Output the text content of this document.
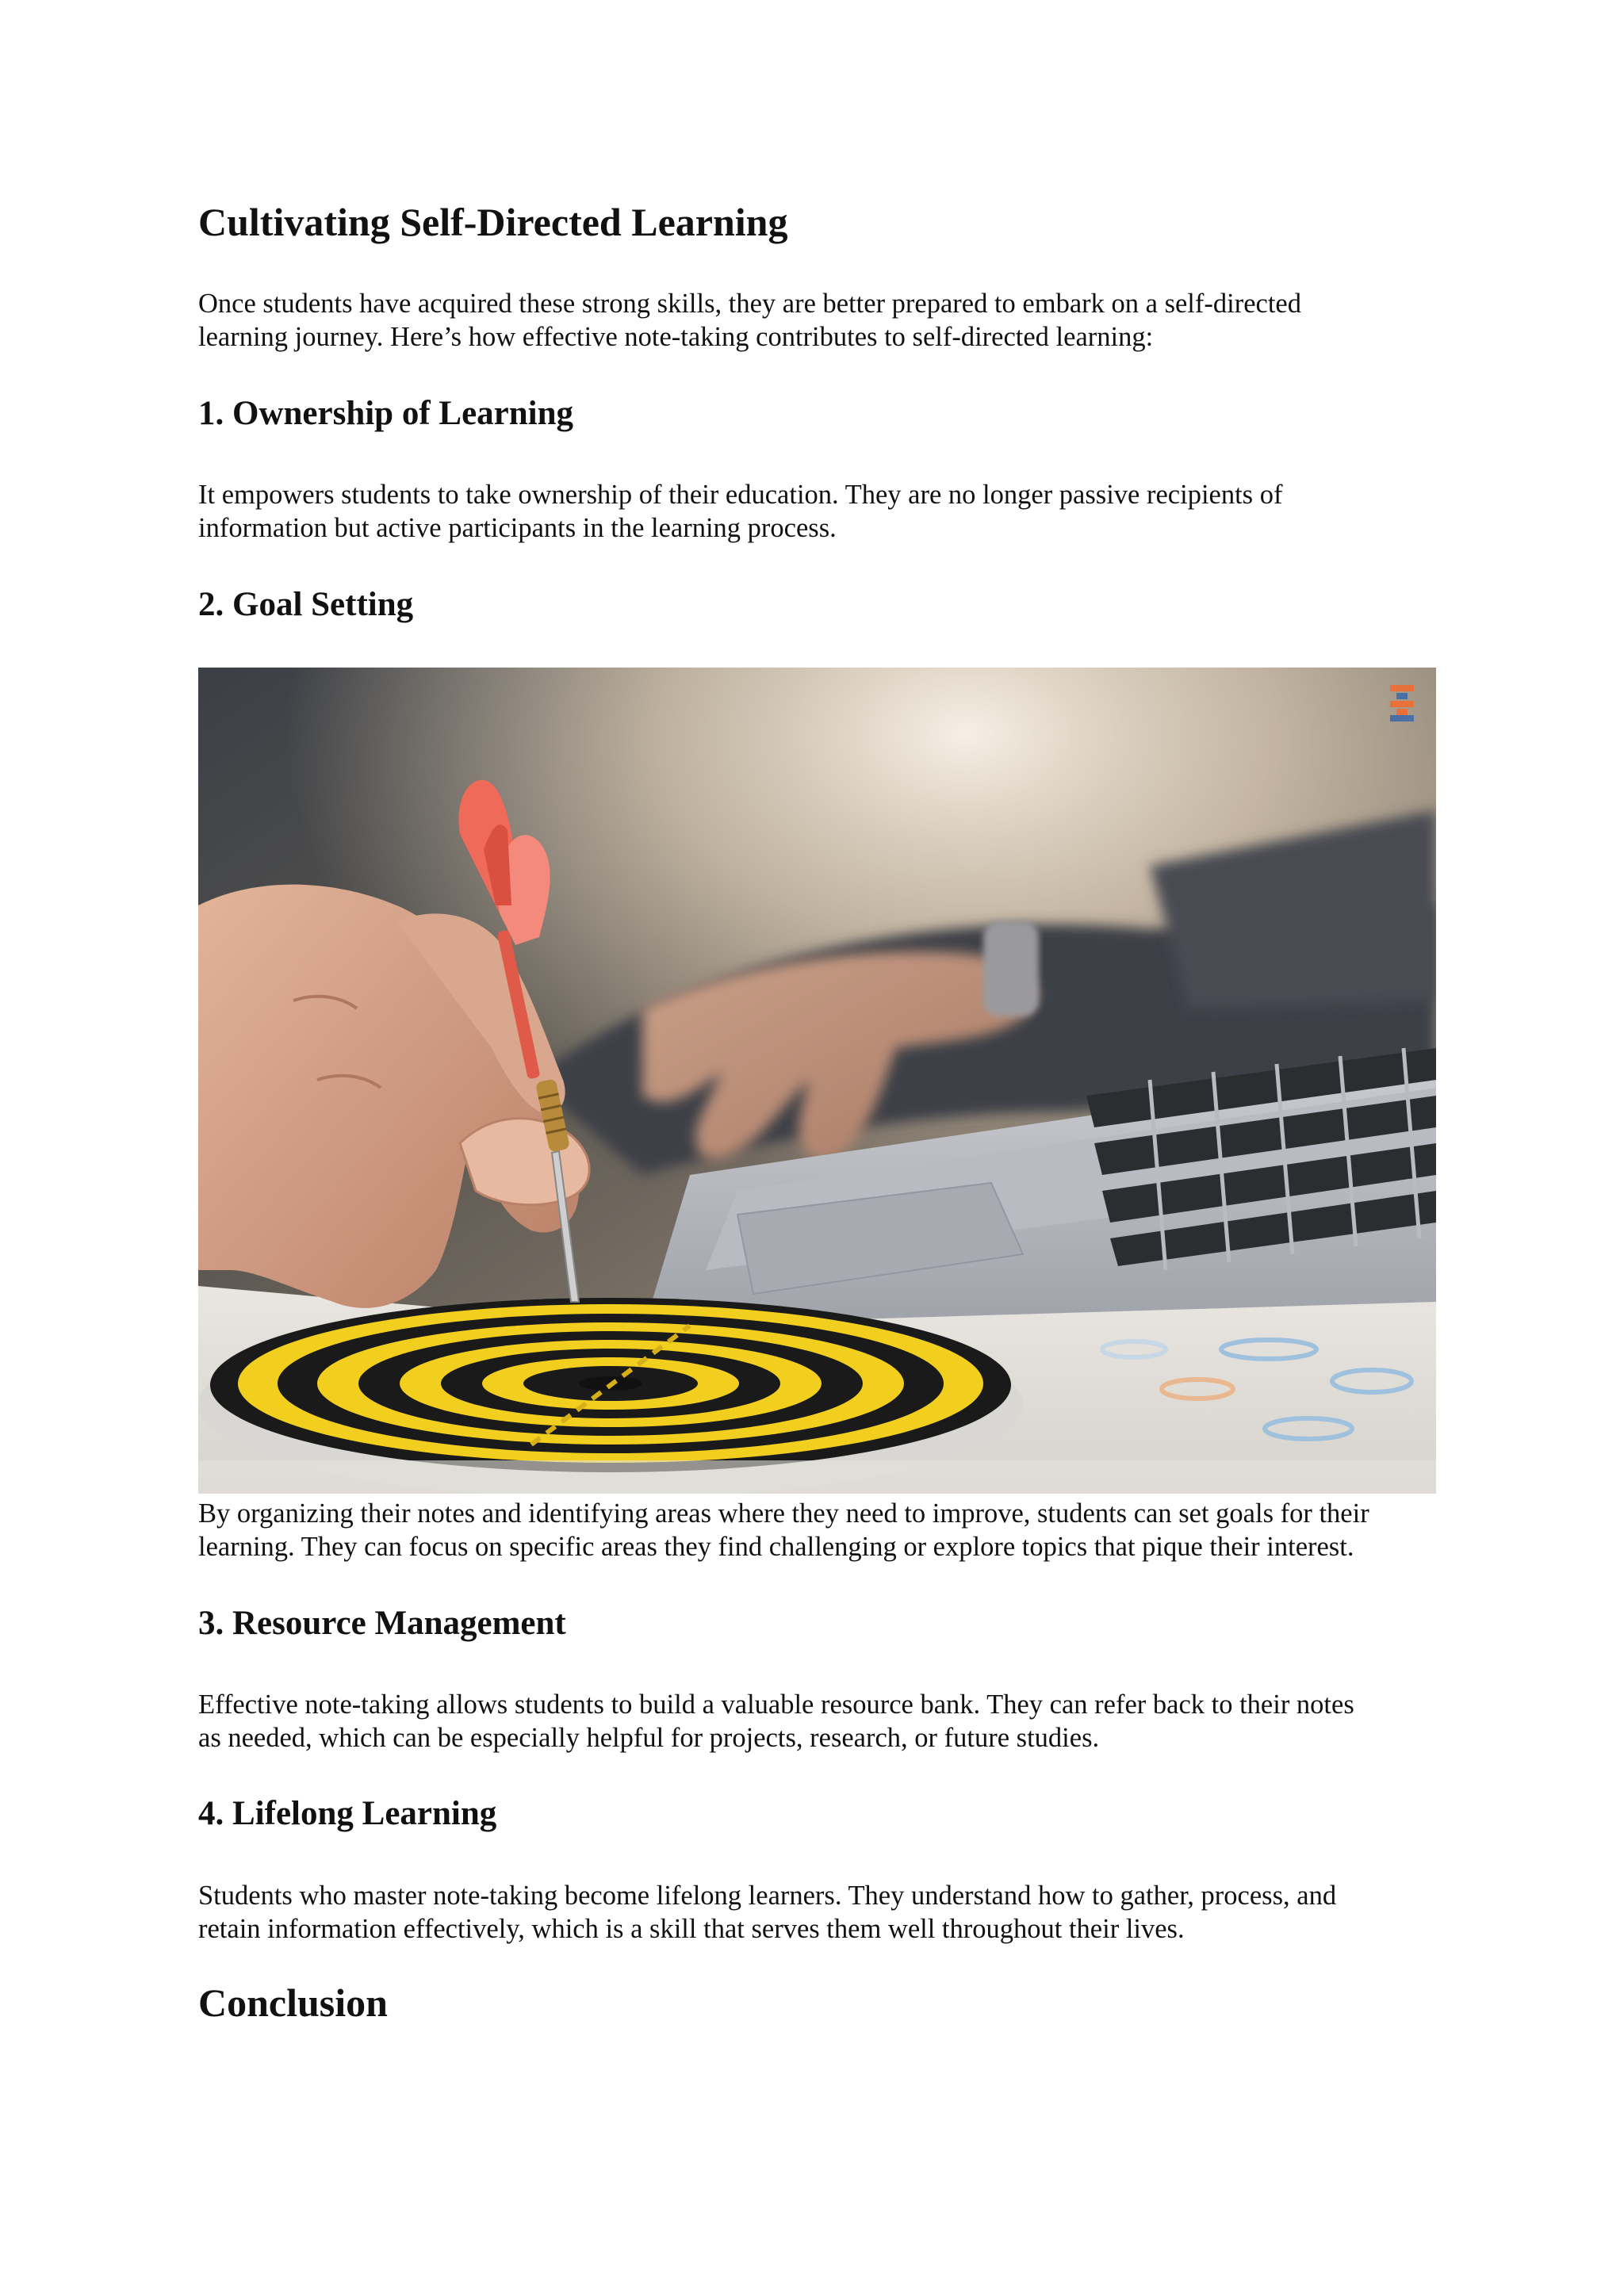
Cultivating Self-Directed Learning

Once students have acquired these strong skills, they are better prepared to embark on a self-directed
learning journey. Here’s how effective note-taking contributes to self-directed learning:

1. Ownership of Learning

It empowers students to take ownership of their education. They are no longer passive recipients of
information but active participants in the learning process.

2. Goal Setting

By organizing their notes and identifying areas where they need to improve, students can set goals for their
learning. They can focus on specific areas they find challenging or explore topics that pique their interest.

3. Resource Management

Effective note-taking allows students to build a valuable resource bank. They can refer back to their notes
as needed, which can be especially helpful for projects, research, or future studies.

4. Lifelong Learning

Students who master note-taking become lifelong learners. They understand how to gather, process, and
retain information effectively, which is a skill that serves them well throughout their lives.

Conclusion
